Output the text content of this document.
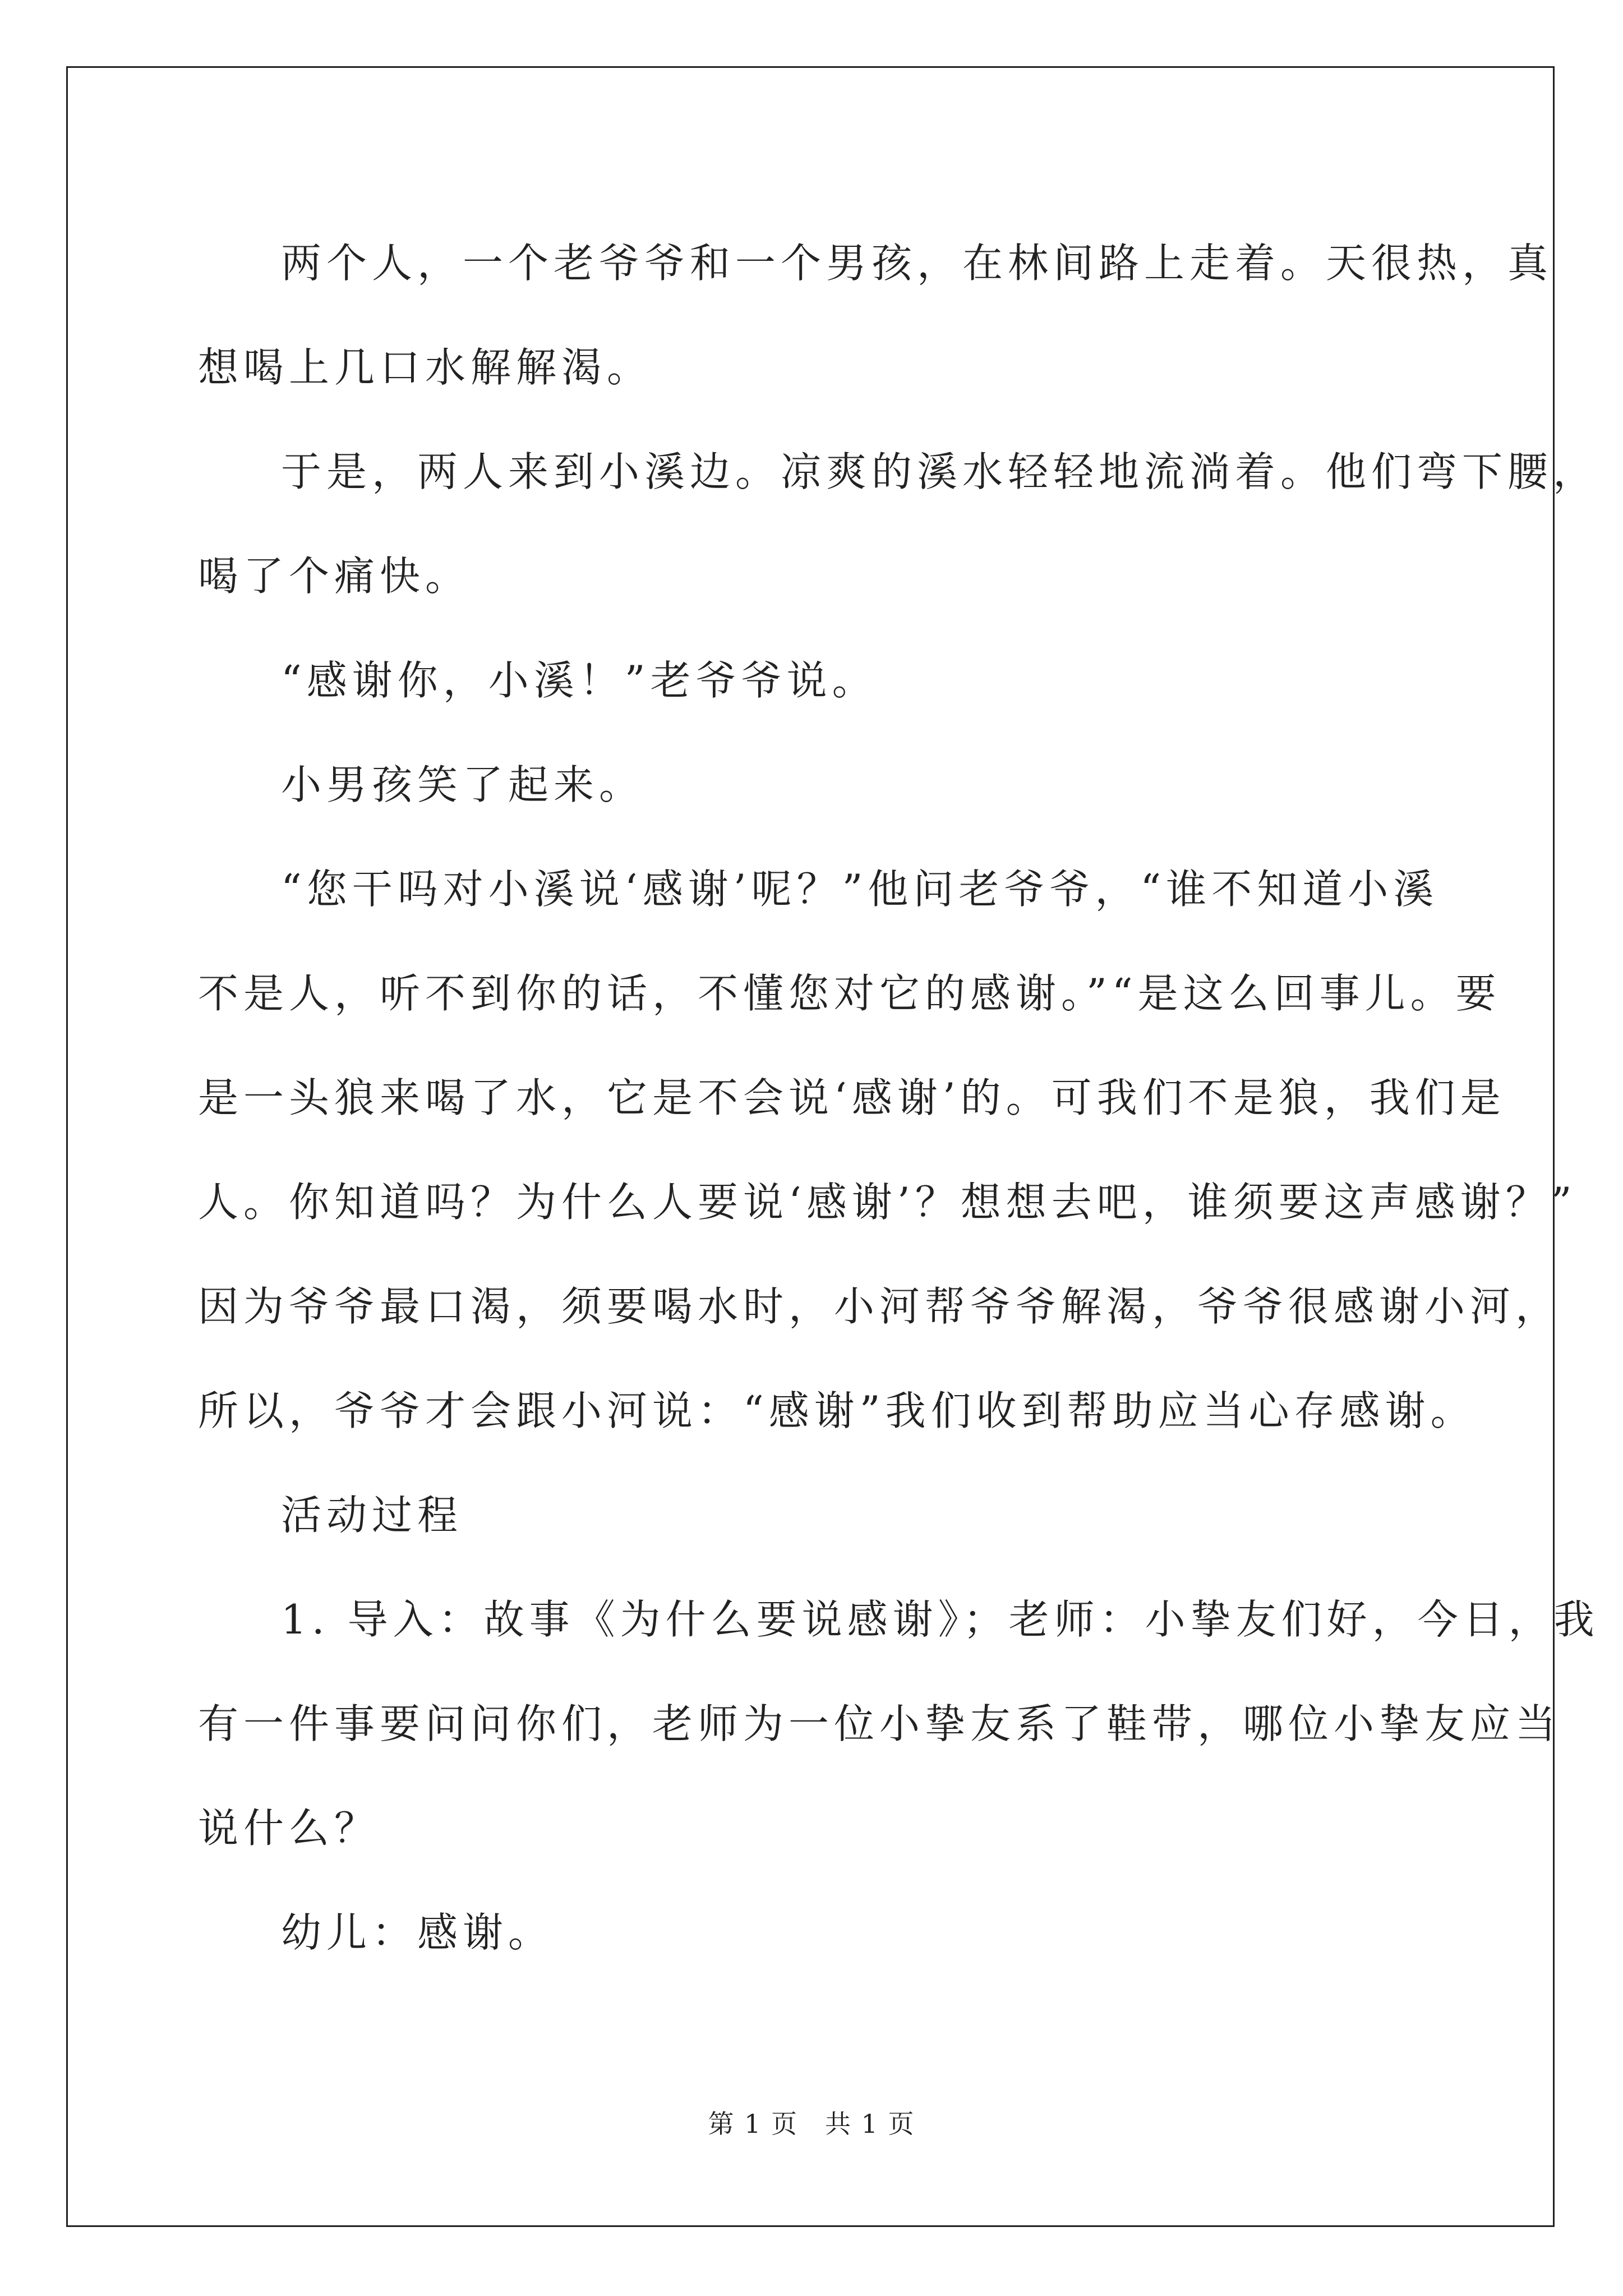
两个人，一个老爷爷和一个男孩，在林间路上走着。天很热，真
想喝上几口水解解渴。
于是，两人来到小溪边。凉爽的溪水轻轻地流淌着。他们弯下腰，
喝了个痛快。
“感谢你，小溪！”老爷爷说。
小男孩笑了起来。
“您干吗对小溪说‘感谢’呢？”他问老爷爷，“谁不知道小溪
不是人，听不到你的话，不懂您对它的感谢。”“是这么回事儿。要
是一头狼来喝了水，它是不会说‘感谢’的。可我们不是狼，我们是
人。你知道吗？为什么人要说‘感谢’？想想去吧，谁须要这声感谢？”
因为爷爷最口渴，须要喝水时，小河帮爷爷解渴，爷爷很感谢小河，
所以，爷爷才会跟小河说：“感谢”我们收到帮助应当心存感谢。
活动过程
1. 导入：故事《为什么要说感谢》；老师：小挚友们好，今日，我
有一件事要问问你们，老师为一位小挚友系了鞋带，哪位小挚友应当
说什么？
幼儿：感谢。
第 1 页　共 1 页
